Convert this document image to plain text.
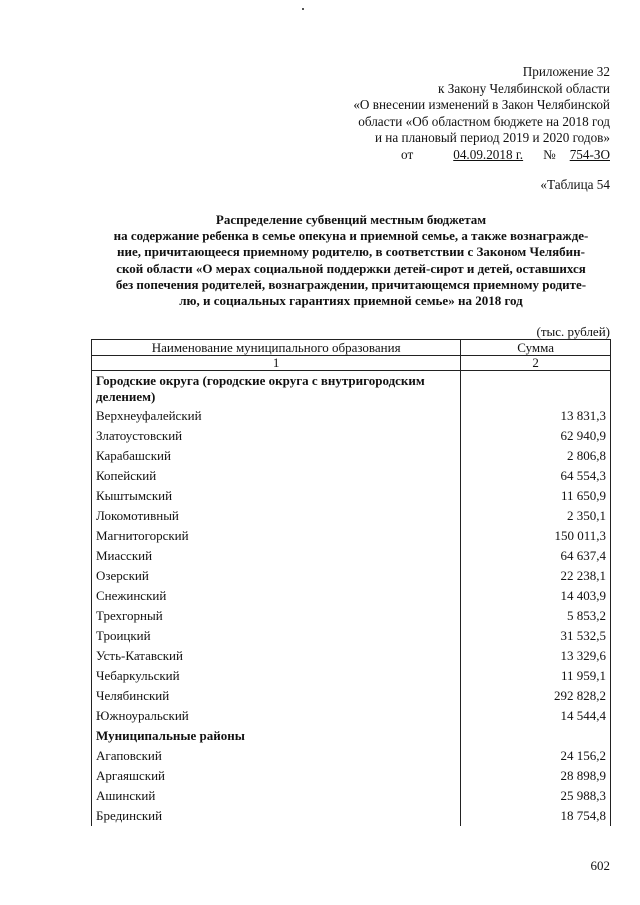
Приложение 32
к Закону Челябинской области
«О внесении изменений в Закон Челябинской
области «Об областном бюджете на 2018 год
и на плановый период 2019 и 2020 годов»
от	04.09.2018 г. № 754-ЗО
«Таблица 54
Распределение субвенций местным бюджетам
на содержание ребенка в семье опекуна и приемной семье, а также вознагражде-
ние, причитающееся приемному родителю, в соответствии с Законом Челябин-
ской области «О мерах социальной поддержки детей-сирот и детей, оставшихся
без попечения родителей, вознаграждении, причитающемся приемному родите-
лю, и социальных гарантиях приемной семье» на 2018 год
(тыс. рублей)
Наименование муниципального образования	Сумма
1	2
Городские округа (городские округа с внутригородским делением)	
Верхнеуфалейский	13 831,3
Златоустовский	62 940,9
Карабашский	2 806,8
Копейский	64 554,3
Кыштымский	11 650,9
Локомотивный	2 350,1
Магнитогорский	150 011,3
Миасский	64 637,4
Озерский	22 238,1
Снежинский	14 403,9
Трехгорный	5 853,2
Троицкий	31 532,5
Усть-Катавский	13 329,6
Чебаркульский	11 959,1
Челябинский	292 828,2
Южноуральский	14 544,4
Муниципальные районы	
Агаповский	24 156,2
Аргаяшский	28 898,9
Ашинский	25 988,3
Брединский	18 754,8
602
